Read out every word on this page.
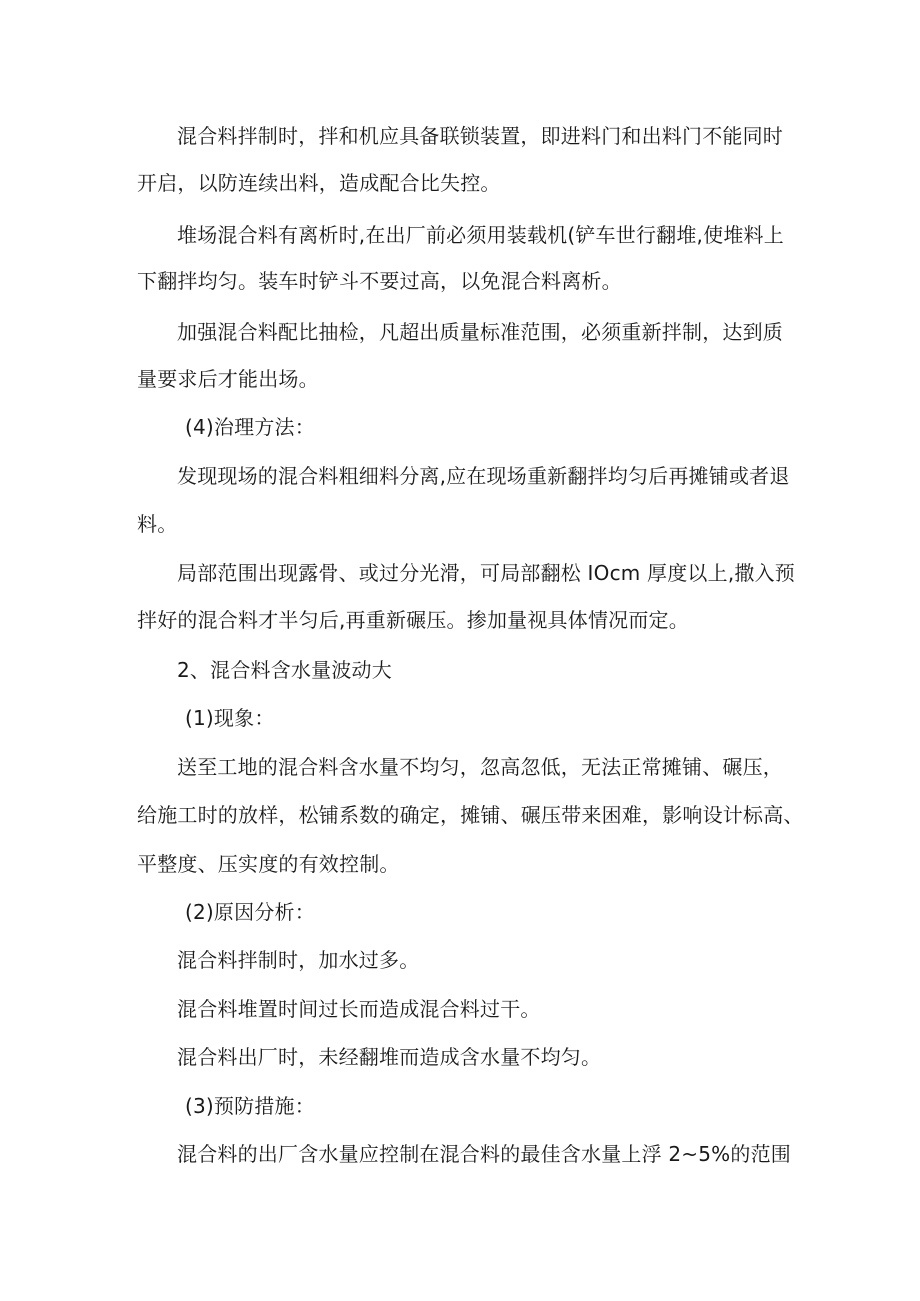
混合料拌制时，拌和机应具备联锁装置，即进料门和出料门不能同时
开启，以防连续出料，造成配合比失控。
堆场混合料有离析时,在出厂前必须用装载机(铲车世行翻堆,使堆料上
下翻拌均匀。装车时铲斗不要过高，以免混合料离析。
加强混合料配比抽检，凡超出质量标准范围，必须重新拌制，达到质
量要求后才能出场。
(4)治理方法：
发现现场的混合料粗细料分离,应在现场重新翻拌均匀后再摊铺或者退
料。
局部范围出现露骨、或过分光滑，可局部翻松 IOcm 厚度以上,撒入预
拌好的混合料才半匀后,再重新碾压。掺加量视具体情况而定。
2、混合料含水量波动大
(1)现象：
送至工地的混合料含水量不均匀，忽高忽低，无法正常摊铺、碾压，
给施工时的放样，松铺系数的确定，摊铺、碾压带来困难，影响设计标高、
平整度、压实度的有效控制。
(2)原因分析：
混合料拌制时，加水过多。
混合料堆置时间过长而造成混合料过干。
混合料出厂时，未经翻堆而造成含水量不均匀。
(3)预防措施：
混合料的出厂含水量应控制在混合料的最佳含水量上浮 2~5%的范围
